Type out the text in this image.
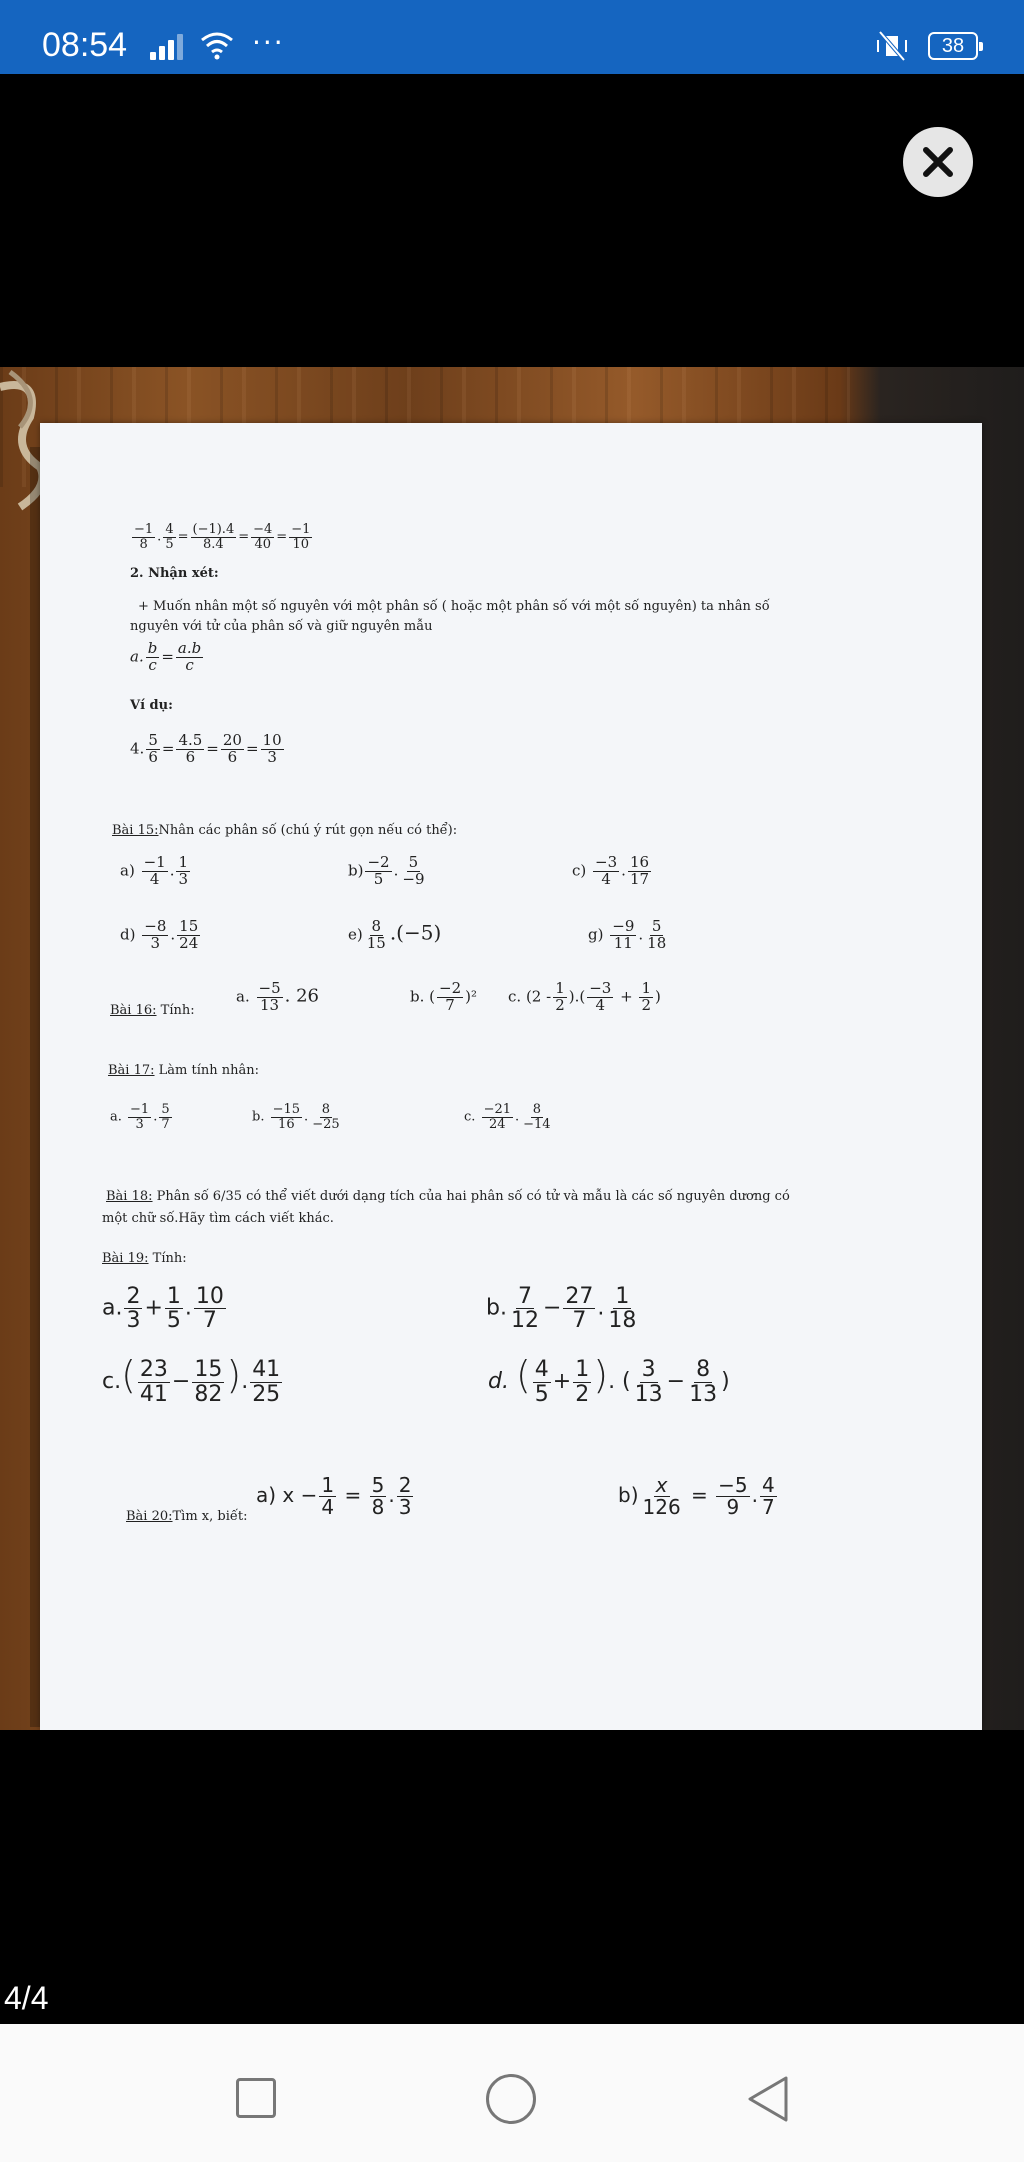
08:54	···	38
$\frac{-1}{8}$ . $\frac{4}{5} = \frac{(-1).4}{8.4} = \frac{-4}{40} = \frac{-1}{10}$
2. Nhận xét:
+ Muốn nhân một số nguyên với một phân số ( hoặc một phân số với một số nguyên) ta nhân số
nguyên với tử của phân số và giữ nguyên mẫu
a. $\frac{b}{c} = \frac{a.b}{c}$
Ví dụ:
4. $\frac{5}{6} = \frac{4.5}{6} = \frac{20}{6} = \frac{10}{3}$
Bài 15:Nhân các phân số (chú ý rút gọn nếu có thể):
$a) \frac{-1}{4}$ . $\frac{1}{3}$	$b) \frac{-2}{5}$ . $\frac{5}{-9}$	$c) \frac{-3}{4}$ . $\frac{16}{17}$
$d) \frac{-8}{3}$ . $\frac{15}{24}$	$e) \frac{8}{15} .(-5)$	$g) \frac{-9}{11}$ . $\frac{5}{18}$
Bài 16: Tính:
a. $\frac{-5}{13}$ . 26	b. ( $\frac{-2}{7} )^2$ c. ($2 - \frac{1}{2}$ ).( $\frac{-3}{4} + \frac{1}{2}$ )
Bài 17: Làm tính nhân:
a. $\frac{-1}{3}$ . $\frac{5}{7}$	b. $\frac{-15}{16}$ . $\frac{8}{-25}$	c. $\frac{-21}{24}$ . $\frac{8}{-14}$
Bài 18: Phân số 6/35 có thể viết dưới dạng tích của hai phân số có tử và mẫu là các số nguyên dương có
một chữ số.Hãy tìm cách viết khác.
Bài 19: Tính:
a. $\frac{2}{3} + \frac{1}{5}$ . $\frac{10}{7}$	b. $\frac{7}{12} - \frac{27}{7}$ . $\frac{1}{18}$
$c.( \frac{23}{41} - \frac{15}{82}$ ). $\frac{41}{25}$	d. ( $\frac{4}{5} + \frac{1}{2}$ ). ( $\frac{3}{13} - \frac{8}{13}$ )
Bài 20:Tìm x, biết:
a) $x - \frac{1}{4} = \frac{5}{8}$ . $\frac{2}{3}$	$b) \frac{x}{126} = \frac{-5}{9}$ . $\frac{4}{7}$
4/4
